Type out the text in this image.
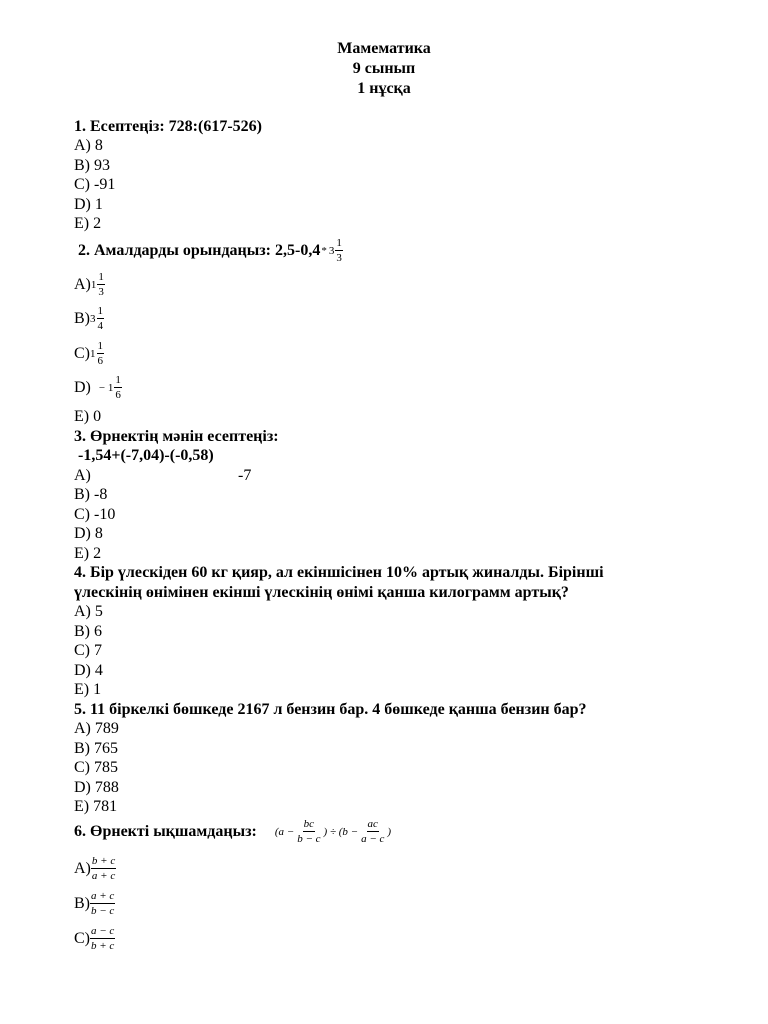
Мамематика
9 сынып
1 нұсқа
1. Есептеңіз: 728:(617-526)
А) 8
В) 93
С) -91
D) 1
Е) 2
2. Амалдарды орындаңыз: $2,5-0,4 * 3 \frac{1}{3}$
А) $1 \frac{1}{3}$
В) $3 \frac{1}{4}$
С) $1 \frac{1}{6}$
$D) - 1 \frac{1}{6}$
Е) 0
3. Өрнектің мәнін есептеңіз:
-1,54+(-7,04)-(-0,58)
А)	-7
В) -8
С) -10
D) 8
Е) 2
4. Бір үлескіден 60 кг қияр, ал екіншісінен 10% артық жиналды. Бірінші
үлескінің өнімінен екінші үлескінің өнімі қанша килограмм артық?
А) 5
В) 6
С) 7
D) 4
Е) 1
5. 11 біркелкі бөшкеде 2167 л бензин бар. 4 бөшкеде қанша бензин бар?
А) 789
В) 765
С) 785
D) 788
Е) 781
6. Өрнекті ықшамдаңыз: ($a - \frac{bc}{b - c}$ ) ÷ ($b - \frac{ac}{a - c}$ )
$А) \frac{b + c}{a + c}$
$В) \frac{a + c}{b - c}$
$С) \frac{a - c}{b + c}$
